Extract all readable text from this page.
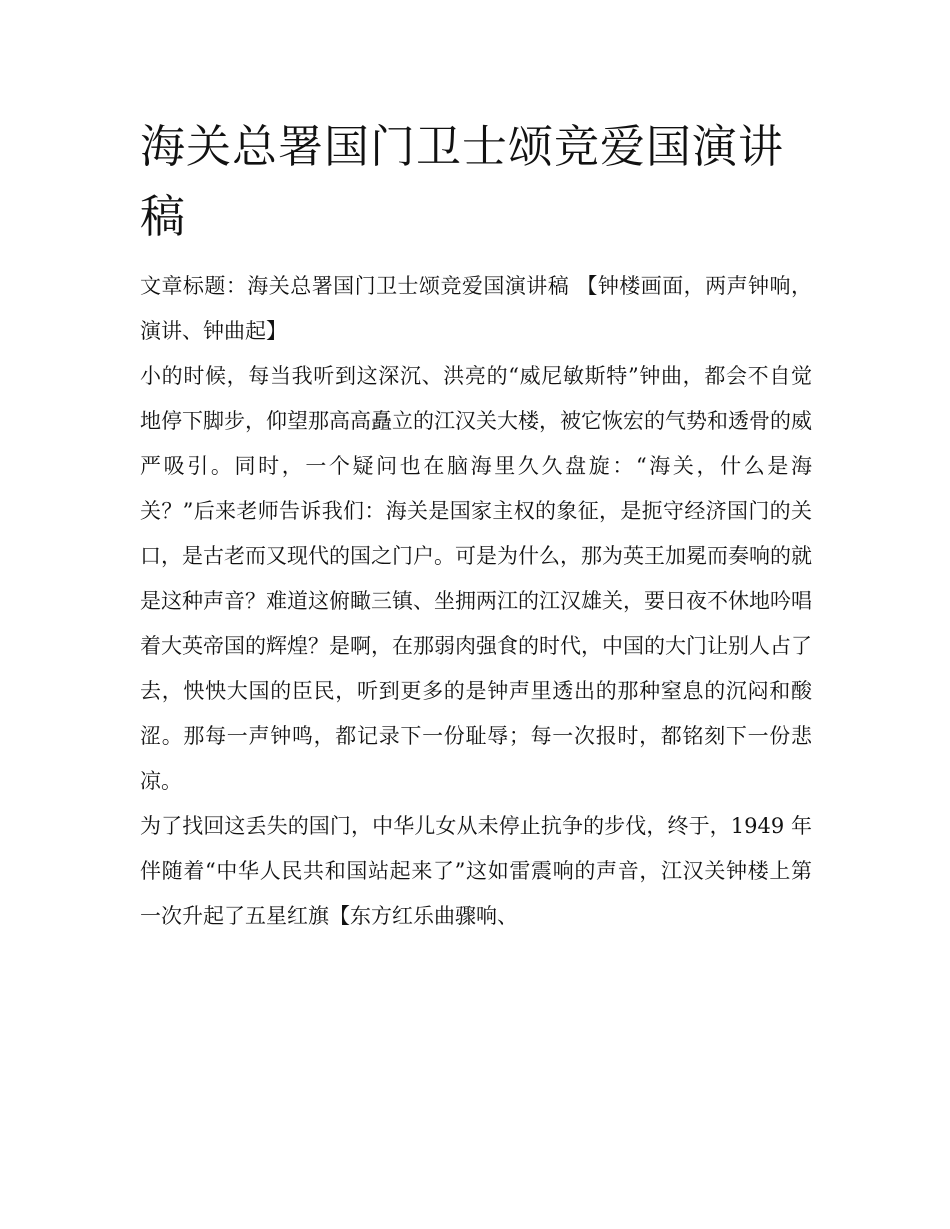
海关总署国门卫士颂竞爱国演讲稿

文章标题：海关总署国门卫士颂竞爱国演讲稿 【钟楼画面，两声钟响，演讲、钟曲起】

小的时候，每当我听到这深沉、洪亮的“威尼敏斯特”钟曲，都会不自觉地停下脚步，仰望那高高矗立的江汉关大楼，被它恢宏的气势和透骨的威严吸引。同时，一个疑问也在脑海里久久盘旋：“海关，什么是海关？”后来老师告诉我们：海关是国家主权的象征，是扼守经济国门的关口，是古老而又现代的国之门户。可是为什么，那为英王加冕而奏响的就是这种声音？难道这俯瞰三镇、坐拥两江的江汉雄关，要日夜不休地吟唱着大英帝国的辉煌？是啊，在那弱肉强食的时代，中国的大门让别人占了去，怏怏大国的臣民，听到更多的是钟声里透出的那种窒息的沉闷和酸涩。那每一声钟鸣，都记录下一份耻辱；每一次报时，都铭刻下一份悲凉。

为了找回这丢失的国门，中华儿女从未停止抗争的步伐，终于，1949 年伴随着“中华人民共和国站起来了”这如雷震响的声音，江汉关钟楼上第一次升起了五星红旗【东方红乐曲骤响、
